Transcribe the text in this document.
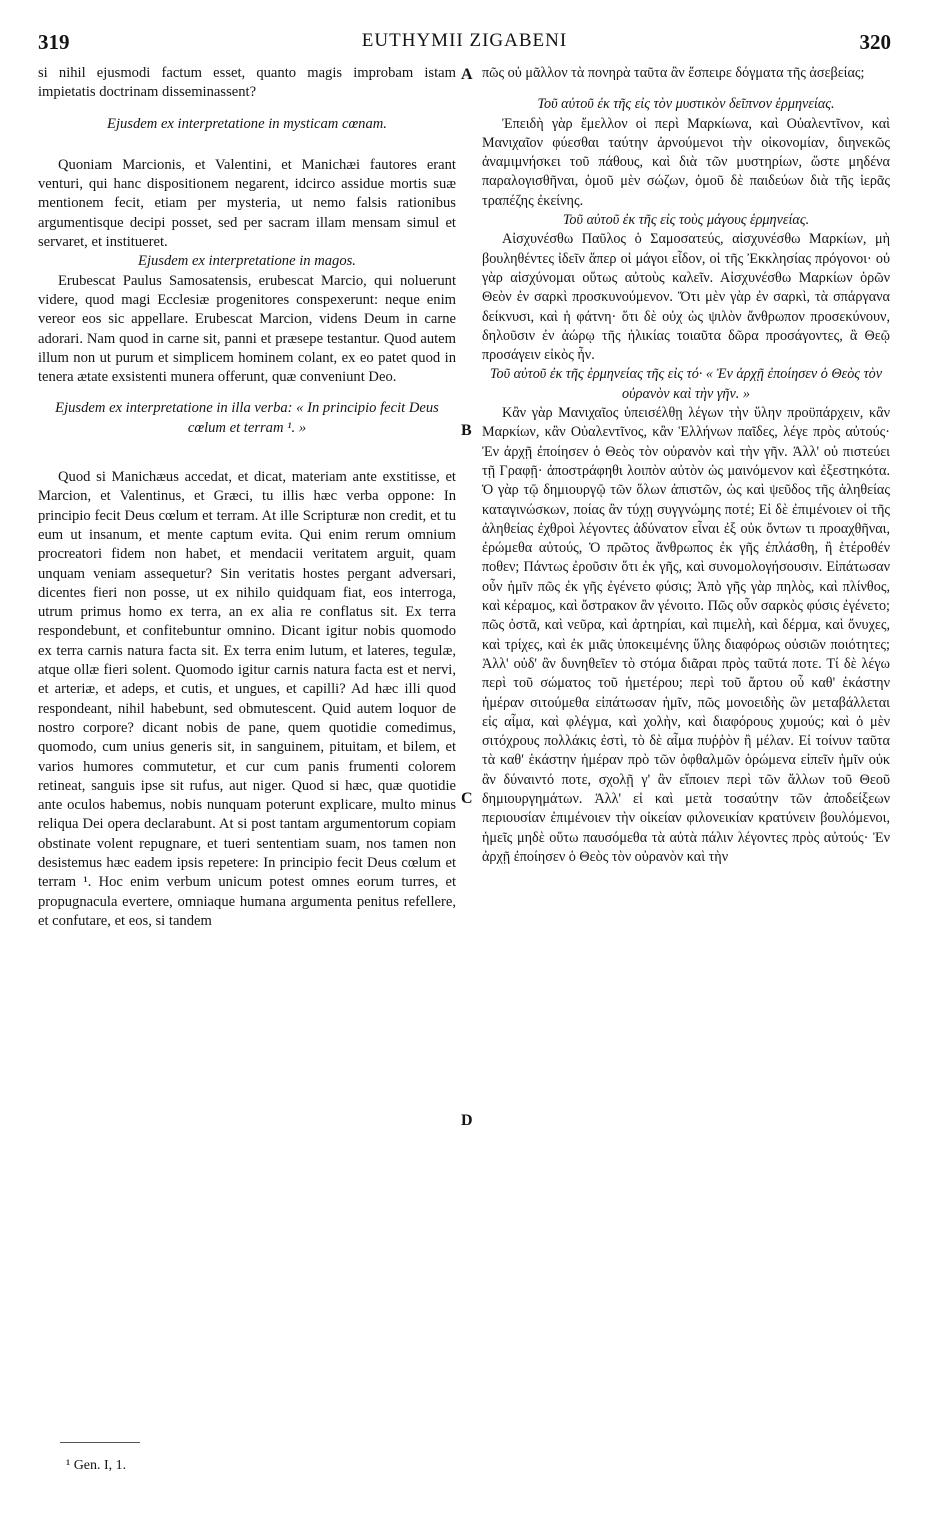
319	EUTHYMII ZIGABENI	320

si nihil ejusmodi factum esset, quanto magis improbam istam impietatis doctrinam disseminassent?

Ejusdem ex interpretatione in mysticam cœnam.

Quoniam Marcionis, et Valentini, et Manichæi fautores erant venturi, qui hanc dispositionem negarent, idcirco assidue mortis suæ mentionem fecit, etiam per mysteria, ut nemo falsis rationibus argumentisque decipi posset, sed per sacram illam mensam simul et servaret, et institueret.

Ejusdem ex interpretatione in magos.

Erubescat Paulus Samosatensis, erubescat Marcio, qui noluerunt videre, quod magi Ecclesiæ progenitores conspexerunt: neque enim vereor eos sic appellare. Erubescat Marcion, videns Deum in carne adorari. Nam quod in carne sit, panni et præsepe testantur. Quod autem illum non ut purum et simplicem hominem colant, ex eo patet quod in tenera ætate exsistenti munera offerunt, quæ conveniunt Deo.

Ejusdem ex interpretatione in illa verba: « In principio fecit Deus cœlum et terram ¹. »

Quod si Manichæus accedat, et dicat, materiam ante exstitisse, et Marcion, et Valentinus, et Græci, tu illis hæc verba oppone: In principio fecit Deus cœlum et terram. At ille Scripturæ non credit, et tu eum ut insanum, et mente captum evita. Qui enim rerum omnium procreatori fidem non habet, et mendacii veritatem arguit, quam unquam veniam assequetur? Sin veritatis hostes pergant adversari, dicentes fieri non posse, ut ex nihilo quidquam fiat, eos interroga, utrum primus homo ex terra, an ex alia re conflatus sit. Ex terra respondebunt, et confitebuntur omnino. Dicant igitur nobis quomodo ex terra carnis natura facta sit. Ex terra enim lutum, et lateres, tegulæ, atque ollæ fieri solent. Quomodo igitur carnis natura facta est et nervi, et arteriæ, et adeps, et cutis, et ungues, et capilli? Ad hæc illi quod respondeant, nihil habebunt, sed obmutescent. Quid autem loquor de nostro corpore? dicant nobis de pane, quem quotidie comedimus, quomodo, cum unius generis sit, in sanguinem, pituitam, et bilem, et varios humores commutetur, et cur cum panis frumenti colorem retineat, sanguis ipse sit rufus, aut niger. Quod si hæc, quæ quotidie ante oculos habemus, nobis nunquam poterunt explicare, multo minus reliqua Dei opera declarabunt. At si post tantam argumentorum copiam obstinate volent repugnare, et tueri sententiam suam, nos tamen non desistemus hæc eadem ipsis repetere: In principio fecit Deus cœlum et terram ¹. Hoc enim verbum unicum potest omnes eorum turres, et propugnacula evertere, omniaque humana argumenta penitus refellere, et confutare, et eos, si tandem

πῶς οὐ μᾶλλον τὰ πονηρὰ ταῦτα ἂν ἔσπειρε δόγματα τῆς ἀσεβείας;

Τοῦ αὐτοῦ ἐκ τῆς εἰς τὸν μυστικὸν δεῖπνον ἑρμηνείας.

Ἐπειδὴ γὰρ ἔμελλον οἱ περὶ Μαρκίωνα, καὶ Οὐαλεντῖνον, καὶ Μανιχαῖον φύεσθαι ταύτην ἀρνούμενοι τὴν οἰκονομίαν, διηνεκῶς ἀναμιμνήσκει τοῦ πάθους, καὶ διὰ τῶν μυστηρίων, ὥστε μηδένα παραλογισθῆναι, ὁμοῦ μὲν σώζων, ὁμοῦ δὲ παιδεύων διὰ τῆς ἱερᾶς τραπέζης ἐκείνης.

Τοῦ αὐτοῦ ἐκ τῆς εἰς τοὺς μάγους ἑρμηνείας.

Αἰσχυνέσθω Παῦλος ὁ Σαμοσατεύς, αἰσχυνέσθω Μαρκίων, μὴ βουληθέντες ἰδεῖν ἅπερ οἱ μάγοι εἶδον, οἱ τῆς Ἐκκλησίας πρόγονοι· οὐ γὰρ αἰσχύνομαι οὕτως αὐτοὺς καλεῖν. Αἰσχυνέσθω Μαρκίων ὁρῶν Θεὸν ἐν σαρκὶ προσκυνούμενον. Ὅτι μὲν γὰρ ἐν σαρκὶ, τὰ σπάργανα δείκνυσι, καὶ ἡ φάτνη· ὅτι δὲ οὐχ ὡς ψιλὸν ἄνθρωπον προσεκύνουν, δηλοῦσιν ἐν ἀώρῳ τῆς ἡλικίας τοιαῦτα δῶρα προσάγοντες, ἃ Θεῷ προσάγειν εἰκὸς ἦν.

Τοῦ αὐτοῦ ἐκ τῆς ἑρμηνείας τῆς εἰς τό· « Ἐν ἀρχῇ ἐποίησεν ὁ Θεὸς τὸν οὐρανὸν καὶ τὴν γῆν. »

Κἂν γὰρ Μανιχαῖος ὑπεισέλθῃ λέγων τὴν ὕλην προϋπάρχειν, κἂν Μαρκίων, κἂν Οὐαλεντῖνος, κἂν Ἑλλήνων παῖδες, λέγε πρὸς αὐτούς· Ἐν ἀρχῇ ἐποίησεν ὁ Θεὸς τὸν οὐρανὸν καὶ τὴν γῆν. Ἀλλ' οὐ πιστεύει τῇ Γραφῇ· ἀποστράφηθι λοιπὸν αὐτὸν ὡς μαινόμενον καὶ ἐξεστηκότα. Ὁ γὰρ τῷ δημιουργῷ τῶν ὅλων ἀπιστῶν, ὡς καὶ ψεῦδος τῆς ἀληθείας καταγινώσκων, ποίας ἂν τύχῃ συγγνώμης ποτέ; Εἰ δὲ ἐπιμένοιεν οἱ τῆς ἀληθείας ἐχθροὶ λέγοντες ἀδύνατον εἶναι ἐξ οὐκ ὄντων τι προαχθῆναι, ἐρώμεθα αὐτούς, Ὁ πρῶτος ἄνθρωπος ἐκ γῆς ἐπλάσθη, ἢ ἑτέροθέν ποθεν; Πάντως ἐροῦσιν ὅτι ἐκ γῆς, καὶ συνομολογήσουσιν. Εἰπάτωσαν οὖν ἡμῖν πῶς ἐκ γῆς ἐγένετο φύσις; Ἀπὸ γῆς γὰρ πηλὸς, καὶ πλίνθος, καὶ κέραμος, καὶ ὄστρακον ἂν γένοιτο. Πῶς οὖν σαρκὸς φύσις ἐγένετο; πῶς ὀστᾶ, καὶ νεῦρα, καὶ ἀρτηρίαι, καὶ πιμελὴ, καὶ δέρμα, καὶ ὄνυχες, καὶ τρίχες, καὶ ἐκ μιᾶς ὑποκειμένης ὕλης διαφόρως οὐσιῶν ποιότητες; Ἀλλ' οὐδ' ἂν δυνηθεῖεν τὸ στόμα διᾶραι πρὸς ταῦτά ποτε. Τί δὲ λέγω περὶ τοῦ σώματος τοῦ ἡμετέρου; περὶ τοῦ ἄρτου οὗ καθ' ἑκάστην ἡμέραν σιτούμεθα εἰπάτωσαν ἡμῖν, πῶς μονοειδὴς ὢν μεταβάλλεται εἰς αἷμα, καὶ φλέγμα, καὶ χολὴν, καὶ διαφόρους χυμούς; καὶ ὁ μὲν σιτόχρους πολλάκις ἐστὶ, τὸ δὲ αἷμα πυῤῥὸν ἢ μέλαν. Εἰ τοίνυν ταῦτα τὰ καθ' ἑκάστην ἡμέραν πρὸ τῶν ὀφθαλμῶν ὁρώμενα εἰπεῖν ἡμῖν οὐκ ἂν δύναιντό ποτε, σχολῇ γ' ἂν εἴποιεν περὶ τῶν ἄλλων τοῦ Θεοῦ δημιουργημάτων. Ἀλλ' εἰ καὶ μετὰ τοσαύτην τῶν ἀποδείξεων περιουσίαν ἐπιμένοιεν τὴν οἰκείαν φιλονεικίαν κρατύνειν βουλόμενοι, ἡμεῖς μηδὲ οὕτω παυσόμεθα τὰ αὐτὰ πάλιν λέγοντες πρὸς αὐτούς· Ἐν ἀρχῇ ἐποίησεν ὁ Θεὸς τὸν οὐρανὸν καὶ τὴν

A
B
C
D
¹ Gen. I, 1.
